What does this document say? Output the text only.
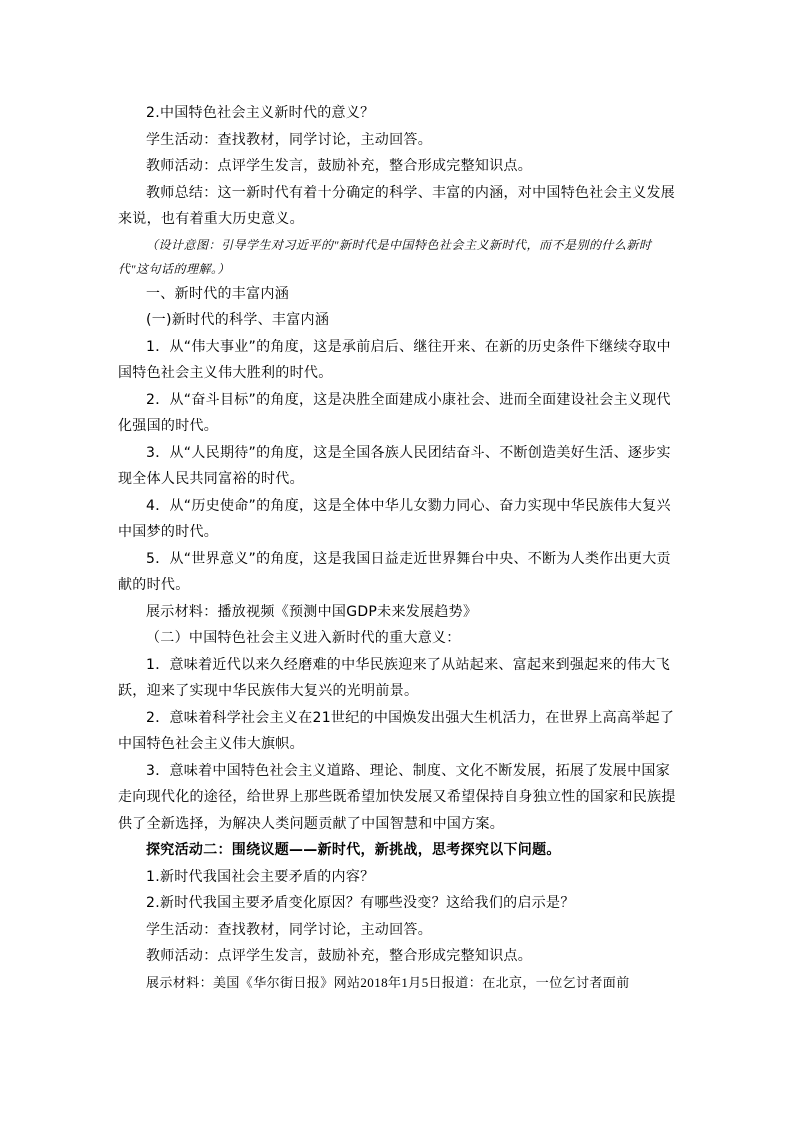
2.中国特色社会主义新时代的意义？

学生活动：查找教材，同学讨论，主动回答。

教师活动：点评学生发言，鼓励补充，整合形成完整知识点。

教师总结：这一新时代有着十分确定的科学、丰富的内涵，对中国特色社会主义发展来说，也有着重大历史意义。

（设计意图：引导学生对习近平的"新时代是中国特色社会主义新时代，而不是别的什么新时代"这句话的理解。）

一、新时代的丰富内涵

(一)新时代的科学、丰富内涵

1．从“伟大事业”的角度，这是承前启后、继往开来、在新的历史条件下继续夺取中国特色社会主义伟大胜利的时代。

2．从“奋斗目标”的角度，这是决胜全面建成小康社会、进而全面建设社会主义现代化强国的时代。

3．从“人民期待”的角度，这是全国各族人民团结奋斗、不断创造美好生活、逐步实现全体人民共同富裕的时代。

4．从“历史使命”的角度，这是全体中华儿女勠力同心、奋力实现中华民族伟大复兴中国梦的时代。

5．从“世界意义”的角度，这是我国日益走近世界舞台中央、不断为人类作出更大贡献的时代。

展示材料：播放视频《预测中国GDP未来发展趋势》

（二）中国特色社会主义进入新时代的重大意义：

1．意味着近代以来久经磨难的中华民族迎来了从站起来、富起来到强起来的伟大飞跃，迎来了实现中华民族伟大复兴的光明前景。

2．意味着科学社会主义在21世纪的中国焕发出强大生机活力，在世界上高高举起了中国特色社会主义伟大旗帜。

3．意味着中国特色社会主义道路、理论、制度、文化不断发展，拓展了发展中国家走向现代化的途径，给世界上那些既希望加快发展又希望保持自身独立性的国家和民族提供了全新选择，为解决人类问题贡献了中国智慧和中国方案。

探究活动二：围绕议题——新时代，新挑战，思考探究以下问题。

1.新时代我国社会主要矛盾的内容？

2.新时代我国主要矛盾变化原因？有哪些没变？这给我们的启示是？

学生活动：查找教材，同学讨论，主动回答。

教师活动：点评学生发言，鼓励补充，整合形成完整知识点。

展示材料：美国《华尔街日报》网站2018年1月5日报道：在北京，一位乞讨者面前
